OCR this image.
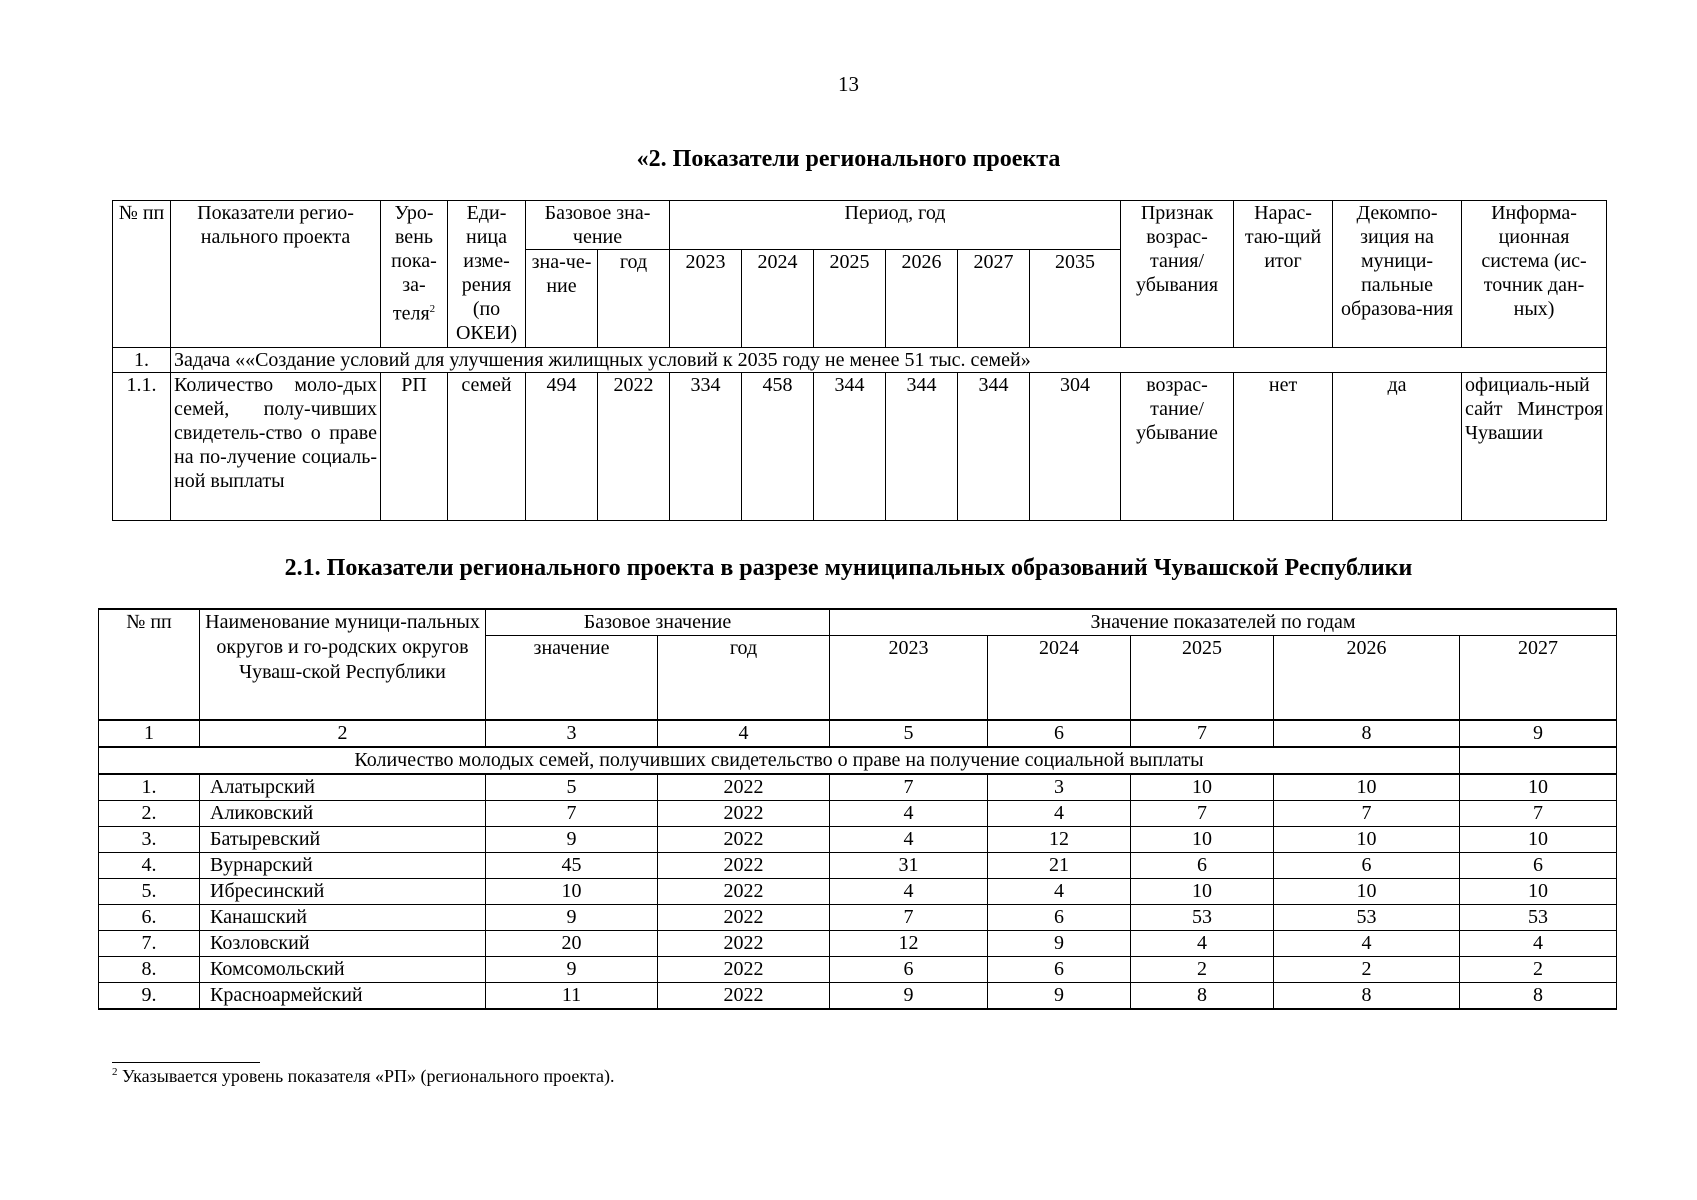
13
«2. Показатели регионального проекта
№ пп	Показатели регио-нального проекта	Уро-вень пока-за-теля$^2$	Еди-ница изме-рения (по ОКЕИ)	Базовое зна-чение		Период, год						Признак возрас-тания/ убывания	Нарас-таю-щий итог	Декомпо-зиция на муници-пальные образова-ния	Информа-ционная система (ис-точник дан-ных)
				зна-че-ние	год	2023	2024	2025	2026	2027	2035				
1.	Задача ««Создание условий для улучшения жилищных условий к 2035 году не менее 51 тыс. семей»														
1.1.	Количество моло-дых семей, полу-чивших свидетель-ство о праве на по-лучение социаль-ной выплаты	РП	семей	494	2022	334	458	344	344	344	304	возрас-тание/ убывание	нет	да	официаль-ный сайт Минстроя Чувашии
2.1. Показатели регионального проекта в разрезе муниципальных образований Чувашской Республики
№ пп	Наименование муници-пальных округов и го-родских округов Чуваш-ской Республики	Базовое значение		Значение показателей по годам				
		значение	год	2023	2024	2025	2026	2027
1	2	3	4	5	6	7	8	9
Количество молодых семей, получивших свидетельство о праве на получение социальной выплаты								
1.	Алатырский	5	2022	7	3	10	10	10
2.	Аликовский	7	2022	4	4	7	7	7
3.	Батыревский	9	2022	4	12	10	10	10
4.	Вурнарский	45	2022	31	21	6	6	6
5.	Ибресинский	10	2022	4	4	10	10	10
6.	Канашский	9	2022	7	6	53	53	53
7.	Козловский	20	2022	12	9	4	4	4
8.	Комсомольский	9	2022	6	6	2	2	2
9.	Красноармейский	11	2022	9	9	8	8	8
$^2$ Указывается уровень показателя «РП» (регионального проекта).
